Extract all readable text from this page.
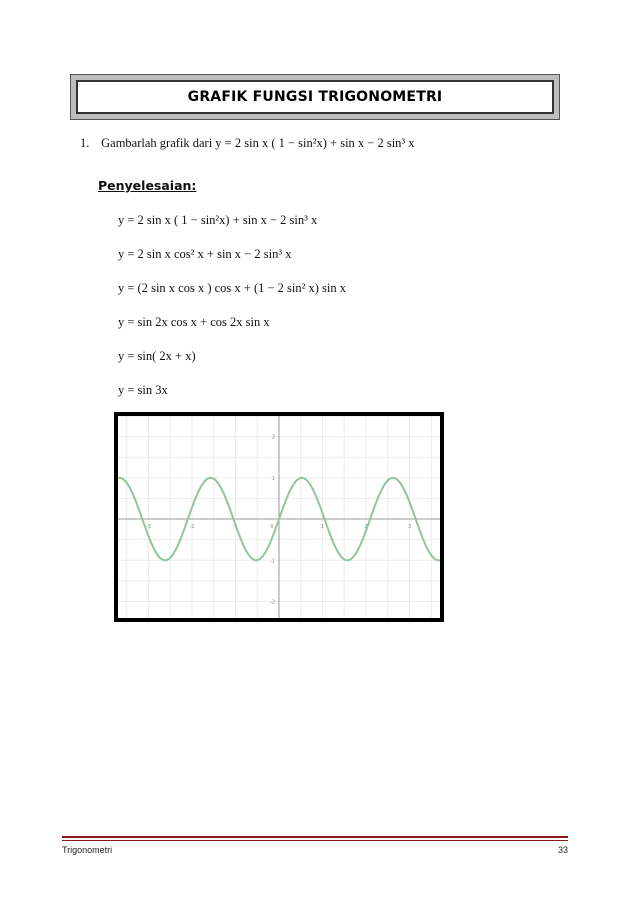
GRAFIK FUNGSI TRIGONOMETRI
1. Gambarlah grafik dari y = 2 sin x ( 1 − sin²x) + sin x − 2 sin³ x
Penyelesaian:
y = 2 sin x ( 1 − sin²x) + sin x − 2 sin³ x
y = 2 sin x cos² x + sin x − 2 sin³ x
y = (2 sin x cos x ) cos x + (1 − 2 sin² x) sin x
y = sin 2x cos x + cos 2x sin x
y = sin( 2x + x)
y = sin 3x
-3	-2	-1	0	1	2	3
-2
-1
1
2
Trigonometri	33
